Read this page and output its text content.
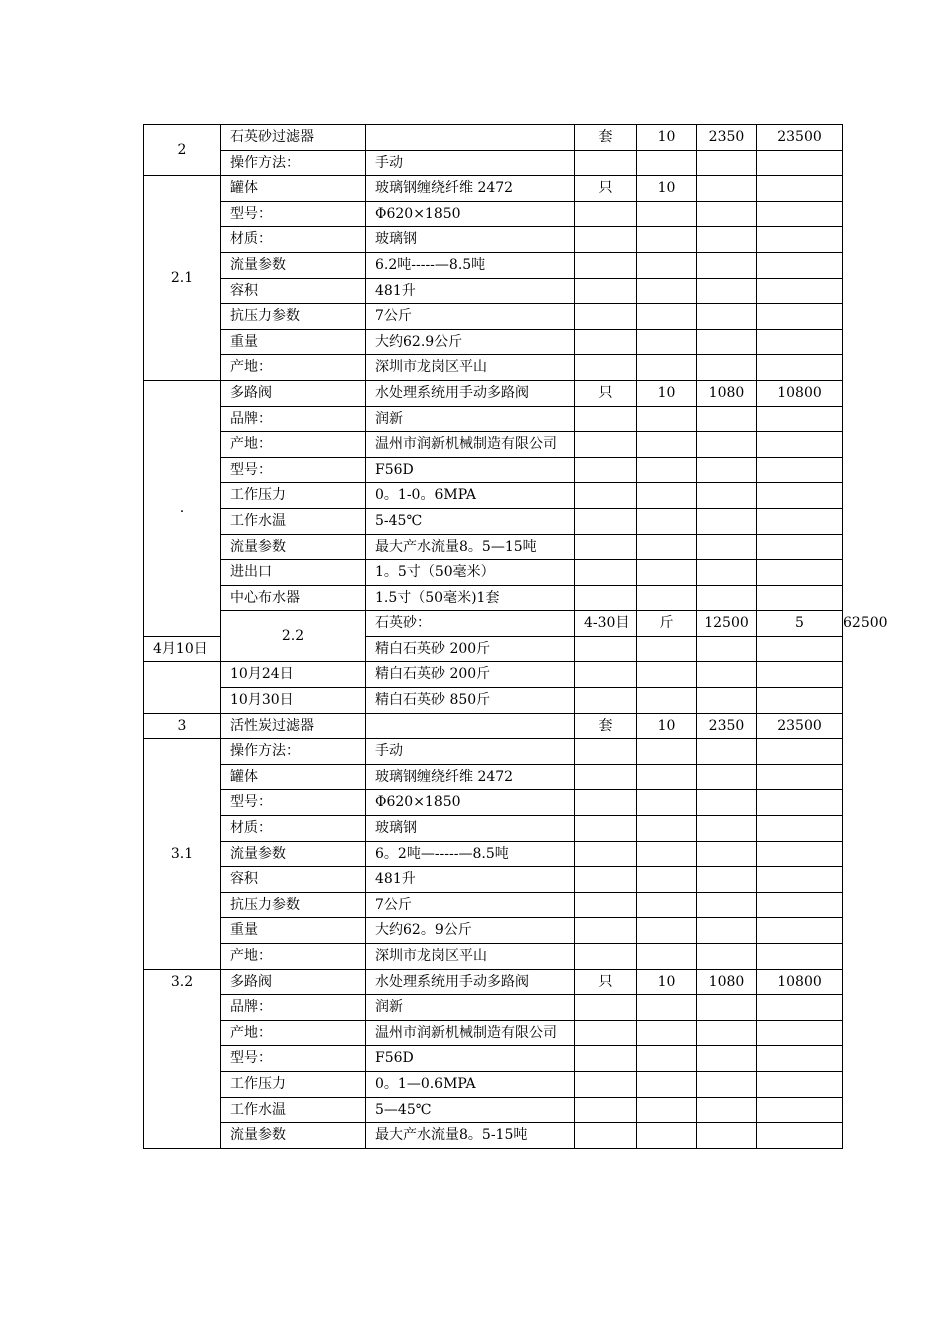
2	石英砂过滤器		套	10	2350	23500	
	操作方法：	手动					
2.1	罐体	玻璃钢缠绕纤维 2472	只	10			
	型号：	Φ620×1850					
	材质：	玻璃钢					
	流量参数	6.2吨-----—8.5吨					
	容积	481升					
	抗压力参数	7公斤					
	重量	大约62.9公斤					
	产地：	深圳市龙岗区平山					
.	多路阀	水处理系统用手动多路阀	只	10	1080	10800	
	品牌：	润新					
	产地：	温州市润新机械制造有限公司					
	型号：	F56D					
	工作压力	0。1-0。6MPA					
	工作水温	5-45℃					
	流量参数	最大产水流量8。5—15吨					
	进出口	1。5寸（50毫米）					
	中心布水器	1.5寸（50毫米)1套					
	2.2	石英砂：	4-30目	斤	12500	5	62500
4月10日		精白石英砂 200斤					
	10月24日	精白石英砂 200斤					
	10月30日	精白石英砂 850斤					
3	活性炭过滤器		套	10	2350	23500	
3.1	操作方法：	手动					
	罐体	玻璃钢缠绕纤维 2472					
	型号：	Φ620×1850					
	材质：	玻璃钢					
	流量参数	6。2吨—-----—8.5吨					
	容积	481升					
	抗压力参数	7公斤					
	重量	大约62。9公斤					
	产地：	深圳市龙岗区平山					
3.2	多路阀	水处理系统用手动多路阀	只	10	1080	10800	
	品牌：	润新					
	产地：	温州市润新机械制造有限公司					
	型号：	F56D					
	工作压力	0。1—0.6MPA					
	工作水温	5—45℃					
	流量参数	最大产水流量8。5-15吨					
